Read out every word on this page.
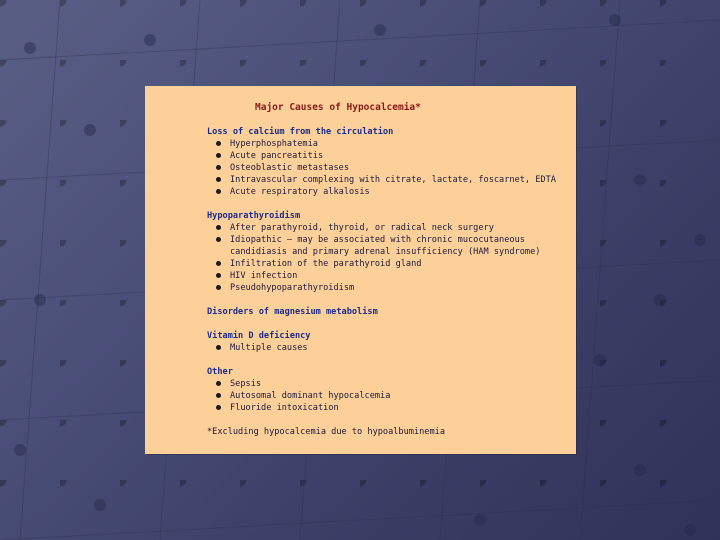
Major Causes of Hypocalcemia*
Loss of calcium from the circulation
Hyperphosphatemia
Acute pancreatitis
Osteoblastic metastases
Intravascular complexing with citrate, lactate, foscarnet, EDTA
Acute respiratory alkalosis
Hypoparathyroidism
After parathyroid, thyroid, or radical neck surgery
Idiopathic — may be associated with chronic mucocutaneous
candidiasis and primary adrenal insufficiency (HAM syndrome)
Infiltration of the parathyroid gland
HIV infection
Pseudohypoparathyroidism
Disorders of magnesium metabolism
Vitamin D deficiency
Multiple causes
Other
Sepsis
Autosomal dominant hypocalcemia
Fluoride intoxication
*Excluding hypocalcemia due to hypoalbuminemia
